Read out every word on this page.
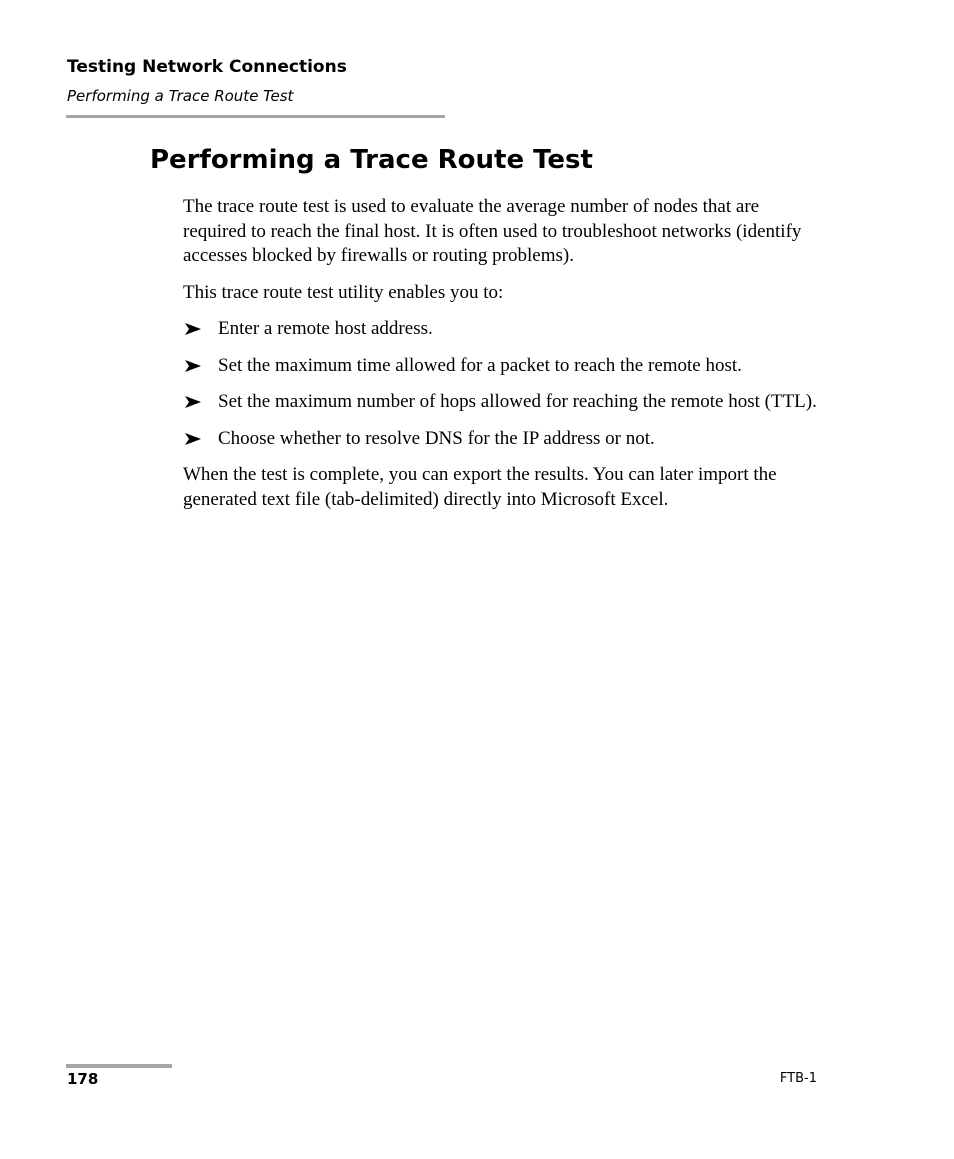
Testing Network Connections
Performing a Trace Route Test
Performing a Trace Route Test

The trace route test is used to evaluate the average number of nodes that are required to reach the final host. It is often used to troubleshoot networks (identify accesses blocked by firewalls or routing problems).

This trace route test utility enables you to:

Enter a remote host address.
Set the maximum time allowed for a packet to reach the remote host.
Set the maximum number of hops allowed for reaching the remote host (TTL).
Choose whether to resolve DNS for the IP address or not.

When the test is complete, you can export the results. You can later import the generated text file (tab-delimited) directly into Microsoft Excel.

178	FTB-1
